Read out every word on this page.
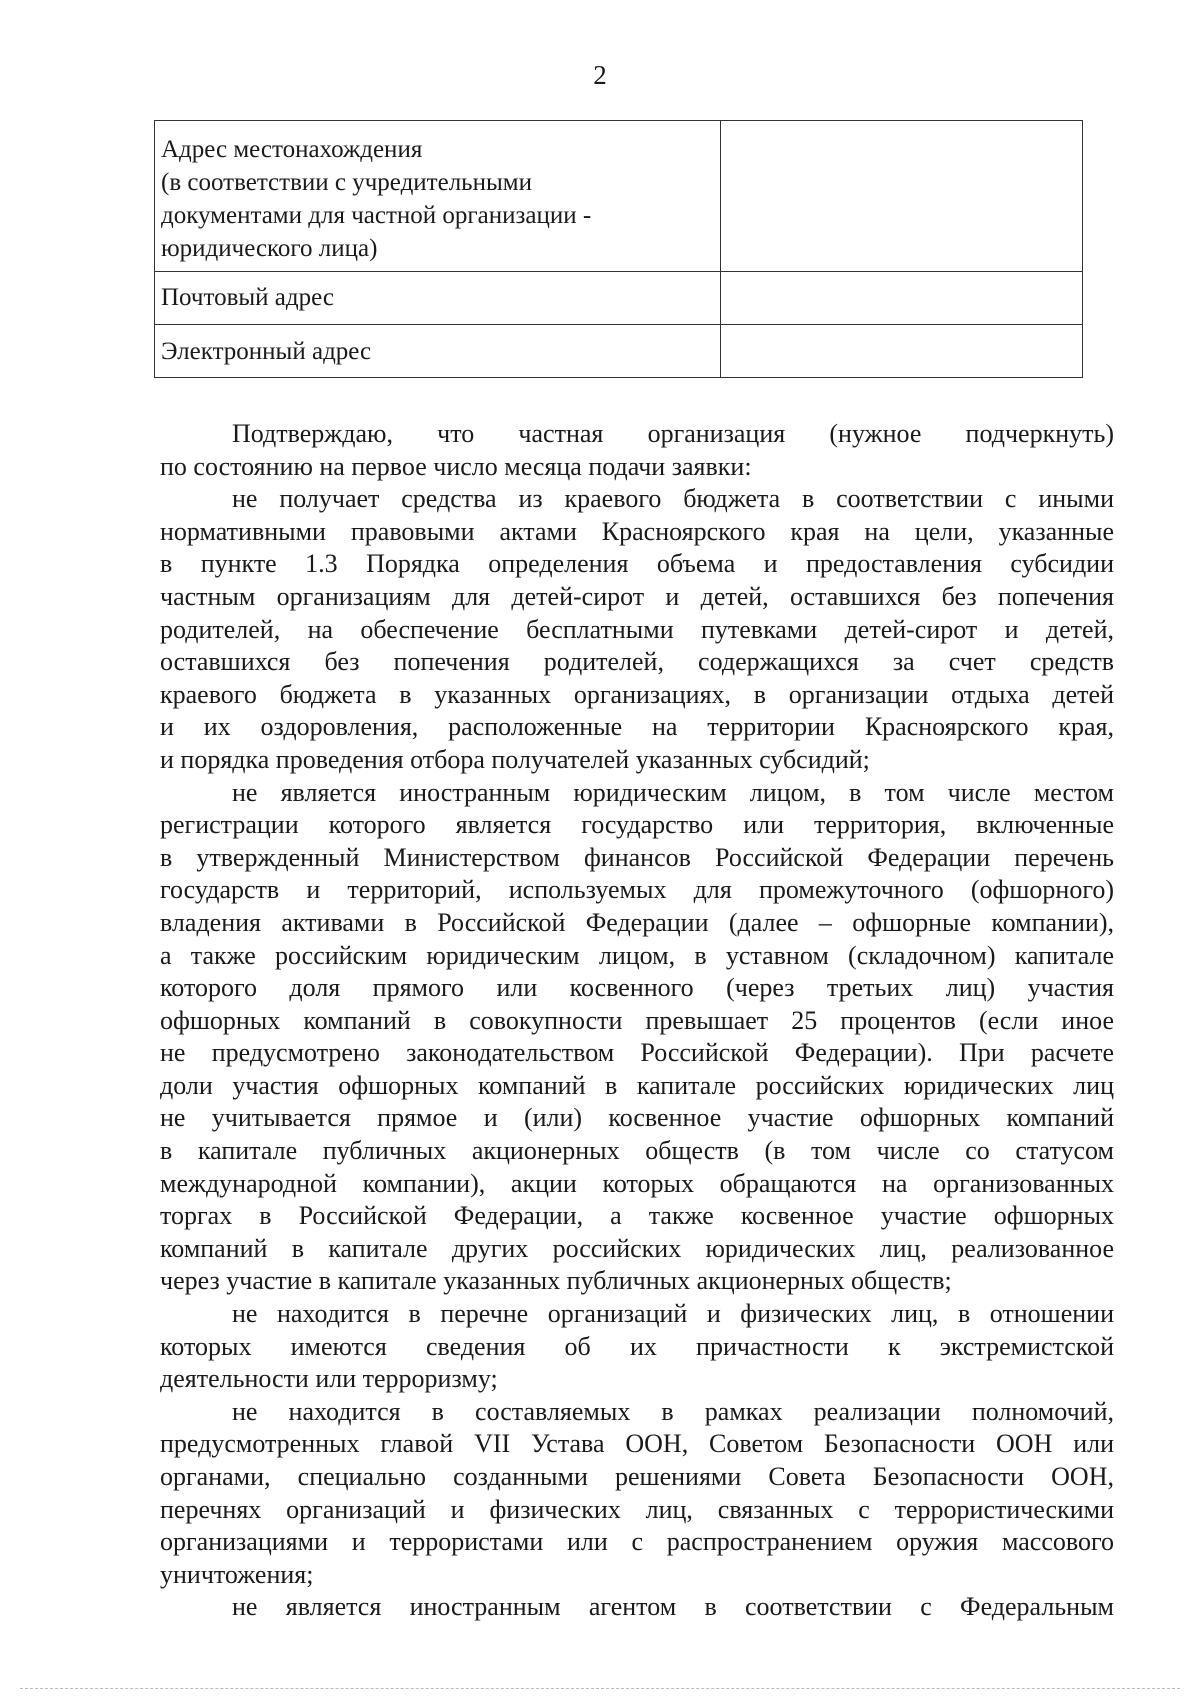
2
Адрес местонахождения
(в соответствии с учредительными
документами для частной организации -
юридического лица)	

Почтовый адрес	

Электронный адрес	

Подтверждаю, что частная организация (нужное подчеркнуть)
по состоянию на первое число месяца подачи заявки:
не получает средства из краевого бюджета в соответствии с иными
нормативными правовыми актами Красноярского края на цели, указанные
в пункте 1.3 Порядка определения объема и предоставления субсидии
частным организациям для детей-сирот и детей, оставшихся без попечения
родителей, на обеспечение бесплатными путевками детей-сирот и детей,
оставшихся без попечения родителей, содержащихся за счет средств
краевого бюджета в указанных организациях, в организации отдыха детей
и их оздоровления, расположенные на территории Красноярского края,
и порядка проведения отбора получателей указанных субсидий;
не является иностранным юридическим лицом, в том числе местом
регистрации которого является государство или территория, включенные
в утвержденный Министерством финансов Российской Федерации перечень
государств и территорий, используемых для промежуточного (офшорного)
владения активами в Российской Федерации (далее – офшорные компании),
а также российским юридическим лицом, в уставном (складочном) капитале
которого доля прямого или косвенного (через третьих лиц) участия
офшорных компаний в совокупности превышает 25 процентов (если иное
не предусмотрено законодательством Российской Федерации). При расчете
доли участия офшорных компаний в капитале российских юридических лиц
не учитывается прямое и (или) косвенное участие офшорных компаний
в капитале публичных акционерных обществ (в том числе со статусом
международной компании), акции которых обращаются на организованных
торгах в Российской Федерации, а также косвенное участие офшорных
компаний в капитале других российских юридических лиц, реализованное
через участие в капитале указанных публичных акционерных обществ;
не находится в перечне организаций и физических лиц, в отношении
которых имеются сведения об их причастности к экстремистской
деятельности или терроризму;
не находится в составляемых в рамках реализации полномочий,
предусмотренных главой VII Устава ООН, Советом Безопасности ООН или
органами, специально созданными решениями Совета Безопасности ООН,
перечнях организаций и физических лиц, связанных с террористическими
организациями и террористами или с распространением оружия массового
уничтожения;
не является иностранным агентом в соответствии с Федеральным
